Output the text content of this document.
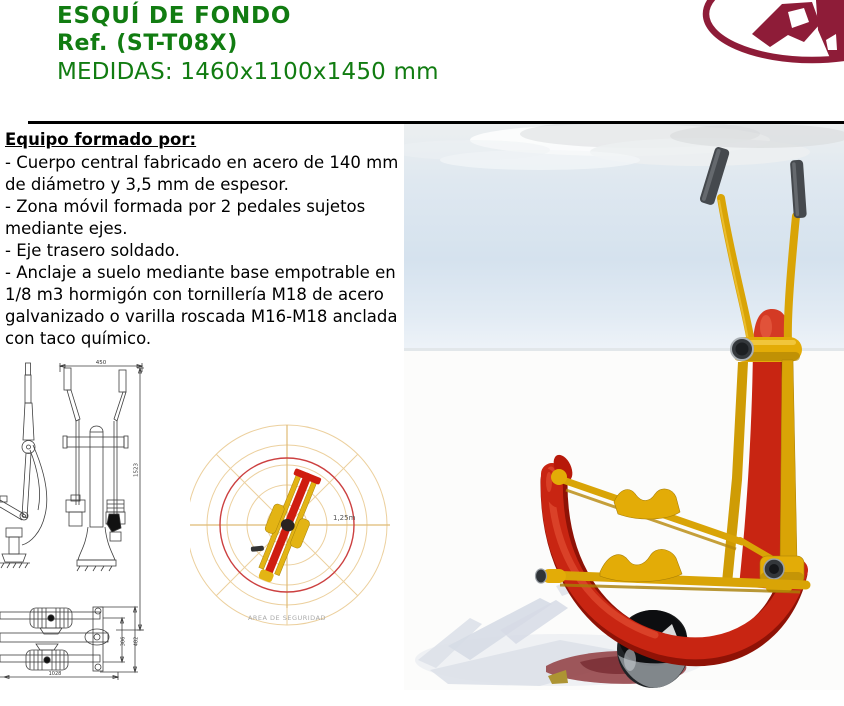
ESQUÍ DE FONDO

Ref. (ST-T08X)

MEDIDAS: 1460x1100x1450 mm

Equipo formado por:

- Cuerpo central fabricado en acero de 140 mm de diámetro y 3,5 mm de espesor.

- Zona móvil formada por 2 pedales sujetos mediante ejes.

- Eje trasero soldado.

- Anclaje a suelo mediante base empotrable en 1/8 m3 hormigón con tornillería M18 de acero galvanizado o varilla roscada M16-M18 anclada con taco químico.

450
1523
306 482
1028
1,25m
AREA DE SEGURIDAD
